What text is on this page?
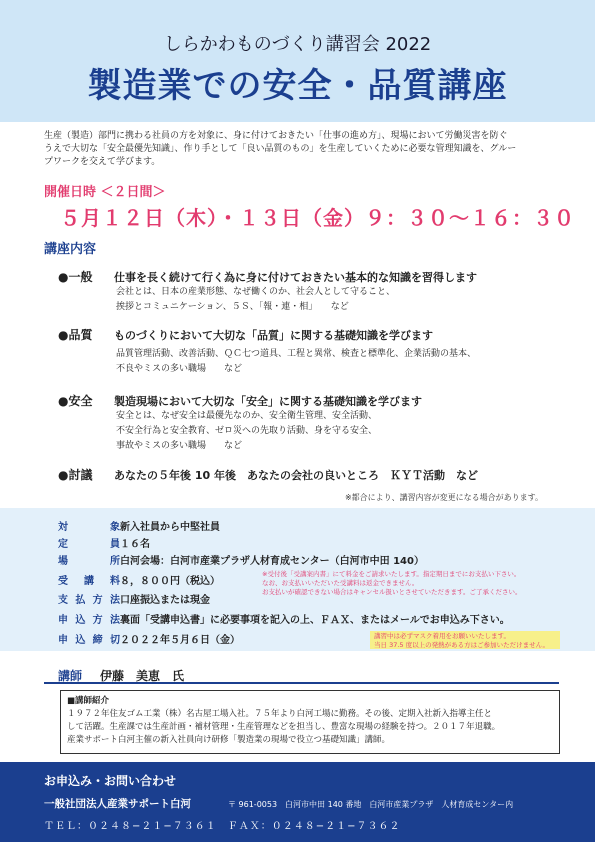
しらかわものづくり講習会 2022
製造業での安全・品質講座
生産（製造）部門に携わる社員の方を対象に、身に付けておきたい「仕事の進め方」、現場において労働災害を防ぐ
うえで大切な「安全最優先知識」、作り手として「良い品質のもの」を生産していくために必要な管理知識を、グルー
プワークを交えて学びます。
開催日時 ＜２日間＞
５月１２日（木）・１３日（金）９：３０〜１６：３０
講座内容
●一般 仕事を長く続けて行く為に身に付けておきたい基本的な知識を習得します
会社とは、日本の産業形態、なぜ働くのか、社会人として守ること、
挨拶とコミュニケーション、５Ｓ、「報・連・相」　　など
●品質 ものづくりにおいて大切な「品質」に関する基礎知識を学びます
品質管理活動、改善活動、ＱＣ七つ道具、工程と異常、検査と標準化、企業活動の基本、
不良やミスの多い職場　　など
●安全 製造現場において大切な「安全」に関する基礎知識を学びます
安全とは、なぜ安全は最優先なのか、安全衛生管理、安全活動、
不安全行為と安全教育、ゼロ災への先取り活動、身を守る安全、
事故やミスの多い職場　　など
●討議 あなたの５年後 10 年後　あなたの会社の良いところ　ＫＹＴ活動　など
※都合により、講習内容が変更になる場合があります。
対象新入社員から中堅社員
定員１６名
場所白河会場：白河市産業プラザ人材育成センター（白河市中田 140）
受講料８，８００円（税込）
支払方法口座振込または現金
申込方法裏面「受講申込書」に必要事項を記入の上、ＦＡＸ、またはメールでお申込み下さい。
申込締切２０２２年５月６日（金）
※受付後「受講案内書」にて料金をご請求いたします。指定期日までにお支払い下さい。
なお、お支払いいただいた受講料は返金できません。
お支払いが確認できない場合はキャンセル扱いとさせていただきます。ご了承ください。
講習中は必ずマスク着用をお願いいたします。
当日 37.5 度以上の発熱がある方はご参加いただけません。
講師 伊藤　美恵　氏
■講師紹介
１９７２年住友ゴム工業（株）名古屋工場入社。７５年より白河工場に勤務。その後、定期入社新入指導主任と
して活躍。生産課では生産計画・補材管理・生産管理などを担当し、豊富な現場の経験を持つ。２０１７年退職。
産業サポート白河主催の新入社員向け研修「製造業の現場で役立つ基礎知識」講師。
お申込み・お問い合わせ
一般社団法人産業サポート白河	〒 961-0053　白河市中田 140 番地　白河市産業プラザ　人材育成センター内
ＴＥＬ：０２４８−２１−７３６１　ＦＡＸ：０２４８−２１−７３６２
